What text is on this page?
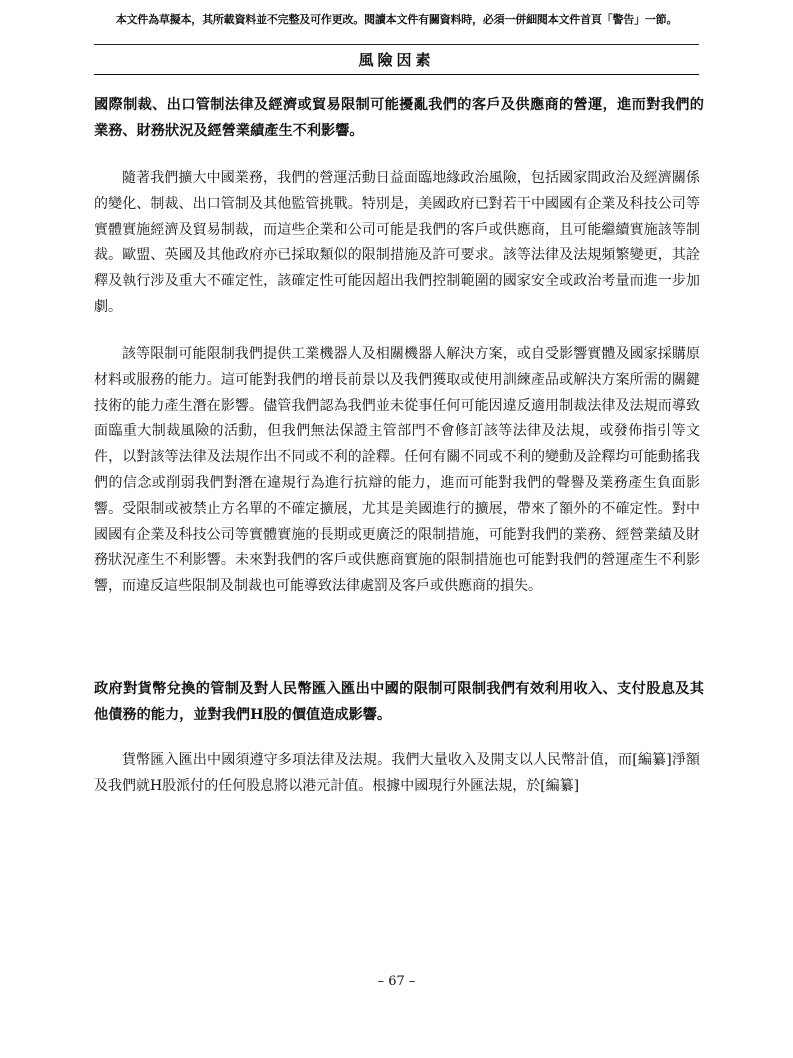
本文件為草擬本，其所載資料並不完整及可作更改。閱讀本文件有關資料時，必須一併細閱本文件首頁「警告」一節。
風險因素
國際制裁、出口管制法律及經濟或貿易限制可能擾亂我們的客戶及供應商的營運，進而對我們的業務、財務狀況及經營業績產生不利影響。
隨著我們擴大中國業務，我們的營運活動日益面臨地緣政治風險，包括國家間政治及經濟關係的變化、制裁、出口管制及其他監管挑戰。特別是，美國政府已對若干中國國有企業及科技公司等實體實施經濟及貿易制裁，而這些企業和公司可能是我們的客戶或供應商，且可能繼續實施該等制裁。歐盟、英國及其他政府亦已採取類似的限制措施及許可要求。該等法律及法規頻繁變更，其詮釋及執行涉及重大不確定性，該確定性可能因超出我們控制範圍的國家安全或政治考量而進一步加劇。
該等限制可能限制我們提供工業機器人及相關機器人解決方案，或自受影響實體及國家採購原材料或服務的能力。這可能對我們的增長前景以及我們獲取或使用訓練產品或解決方案所需的關鍵技術的能力產生潛在影響。儘管我們認為我們並未從事任何可能因違反適用制裁法律及法規而導致面臨重大制裁風險的活動，但我們無法保證主管部門不會修訂該等法律及法規，或發佈指引等文件，以對該等法律及法規作出不同或不利的詮釋。任何有關不同或不利的變動及詮釋均可能動搖我們的信念或削弱我們對潛在違規行為進行抗辯的能力，進而可能對我們的聲譽及業務產生負面影響。受限制或被禁止方名單的不確定擴展，尤其是美國進行的擴展，帶來了額外的不確定性。對中國國有企業及科技公司等實體實施的長期或更廣泛的限制措施，可能對我們的業務、經營業績及財務狀況產生不利影響。未來對我們的客戶或供應商實施的限制措施也可能對我們的營運產生不利影響，而違反這些限制及制裁也可能導致法律處罰及客戶或供應商的損失。
政府對貨幣兌換的管制及對人民幣匯入匯出中國的限制可限制我們有效利用收入、支付股息及其他債務的能力，並對我們H股的價值造成影響。
貨幣匯入匯出中國須遵守多項法律及法規。我們大量收入及開支以人民幣計值，而[編纂]淨額及我們就H股派付的任何股息將以港元計值。根據中國現行外匯法規，於[編纂]
– 67 –
